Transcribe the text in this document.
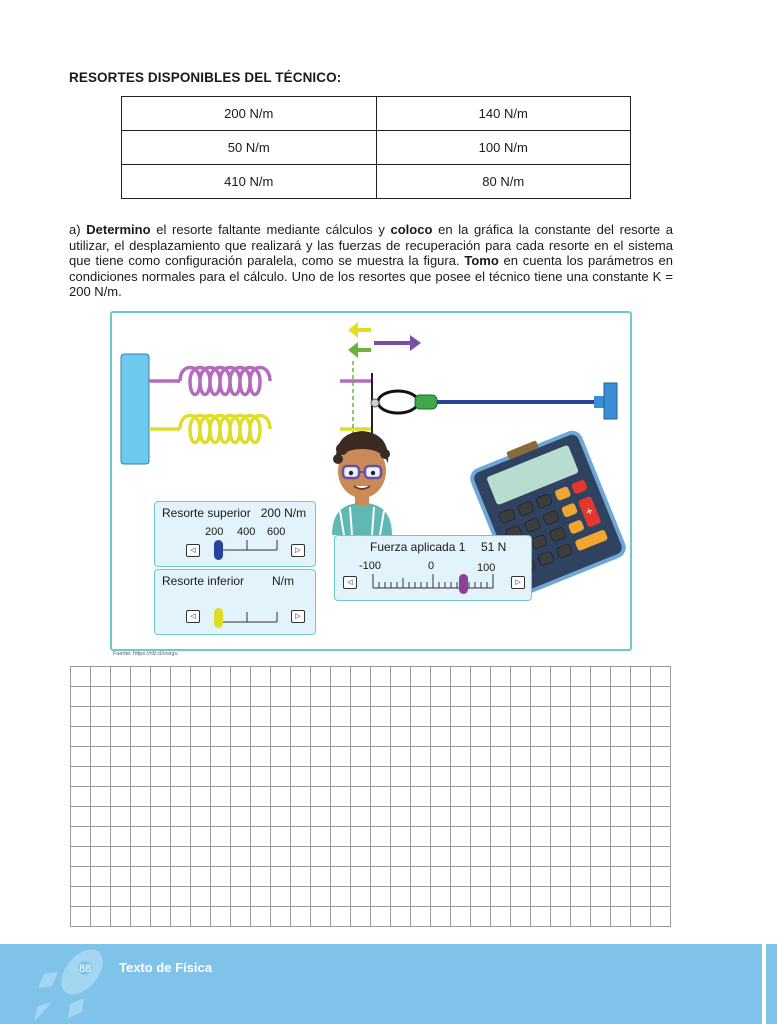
RESORTES DISPONIBLES DEL TÉCNICO:
200 N/m	140 N/m
50 N/m	100 N/m
410 N/m	80 N/m
a) Determino el resorte faltante mediante cálculos y coloco en la gráfica la constante del resorte a utilizar, el desplazamiento que realizará y las fuerzas de recuperación para cada resorte en el sistema que tiene como configuración paralela, como se muestra la figura. Tomo en cuenta los parámetros en condiciones normales para el cálculo. Uno de los resortes que posee el técnico tiene una constante K = 200 N/m.
+
Resorte superior 200 N/m
200 400 600
◁	▷
Resorte inferior N/m
◁	▷
Fuerza aplicada 1 51 N
-100	0	100
◁	▷
Fuente: https://n9.cl/vozgu
88 Texto de Física
